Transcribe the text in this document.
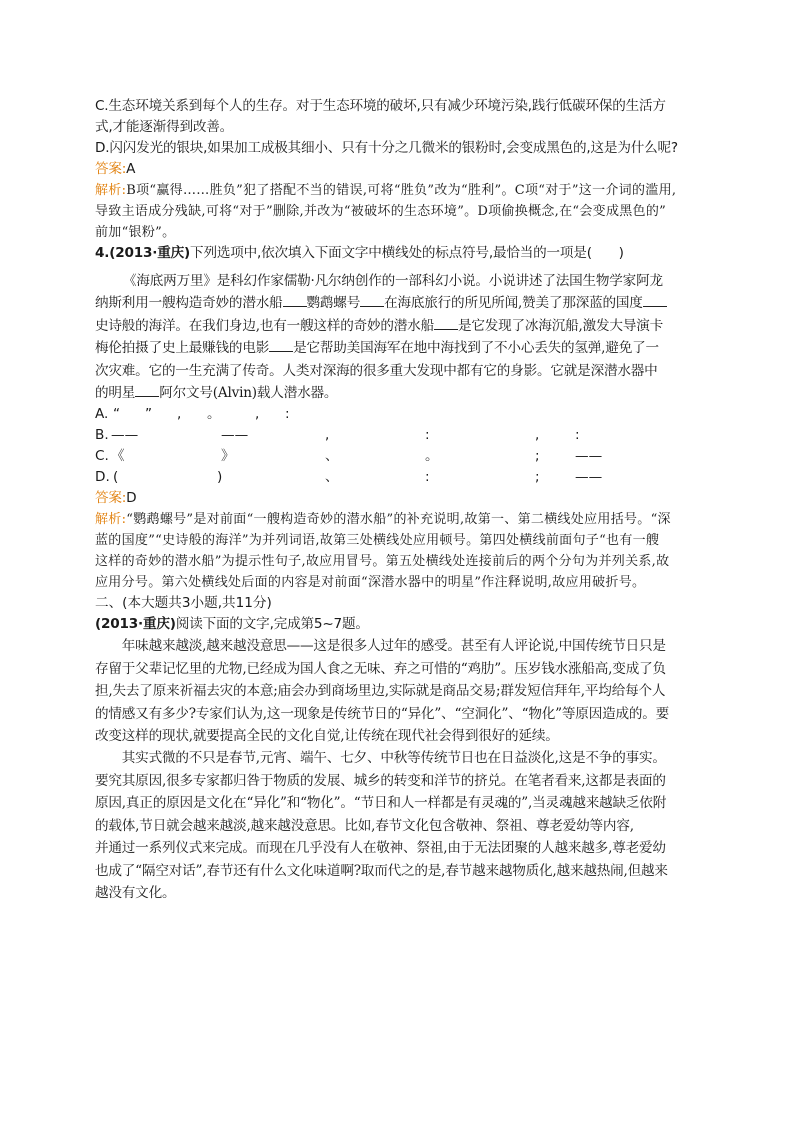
C.生态环境关系到每个人的生存。对于生态环境的破坏,只有减少环境污染,践行低碳环保的生活方
式,才能逐渐得到改善。
D.闪闪发光的银块,如果加工成极其细小、只有十分之几微米的银粉时,会变成黑色的,这是为什么呢?
答案:A
解析:B项“赢得……胜负”犯了搭配不当的错误,可将“胜负”改为“胜利”。C项“对于”这一介词的滥用,
导致主语成分残缺,可将“对于”删除,并改为“被破坏的生态环境”。D项偷换概念,在“会变成黑色的”
前加“银粉”。
4.(2013·重庆)下列选项中,依次填入下面文字中横线处的标点符号,最恰当的一项是(　　)
《海底两万里》是科幻作家儒勒·凡尔纳创作的一部科幻小说。小说讲述了法国生物学家阿龙
纳斯利用一艘构造奇妙的潜水船 鹦鹉螺号 在海底旅行的所见所闻,赞美了那深蓝的国度
史诗般的海洋。在我们身边,也有一艘这样的奇妙的潜水船 是它发现了冰海沉船,激发大导演卡
梅伦拍摄了史上最赚钱的电影 是它帮助美国海军在地中海找到了不小心丢失的氢弹,避免了一
次灾难。它的一生充满了传奇。人类对深海的很多重大发现中都有它的身影。它就是深潜水器中
的明星 阿尔文号(Alvin)载人潜水器。
A. “ ” , 。	, :
B. ——	——	,	:	,	:
C. 《	》	、	。	;	——
D. (	)	、	:	;	——
答案:D
解析:“鹦鹉螺号”是对前面“一艘构造奇妙的潜水船”的补充说明,故第一、第二横线处应用括号。“深
蓝的国度”“史诗般的海洋”为并列词语,故第三处横线处应用顿号。第四处横线前面句子“也有一艘
这样的奇妙的潜水船”为提示性句子,故应用冒号。第五处横线处连接前后的两个分句为并列关系,故
应用分号。第六处横线处后面的内容是对前面“深潜水器中的明星”作注释说明,故应用破折号。
二、(本大题共3小题,共11分)
(2013·重庆)阅读下面的文字,完成第5~7题。
　　年味越来越淡,越来越没意思——这是很多人过年的感受。甚至有人评论说,中国传统节日只是
存留于父辈记忆里的尤物,已经成为国人食之无味、弃之可惜的“鸡肋”。压岁钱水涨船高,变成了负
担,失去了原来祈福去灾的本意;庙会办到商场里边,实际就是商品交易;群发短信拜年,平均给每个人
的情感又有多少?专家们认为,这一现象是传统节日的“异化”、“空洞化”、“物化”等原因造成的。要
改变这样的现状,就要提高全民的文化自觉,让传统在现代社会得到很好的延续。
　　其实式微的不只是春节,元宵、端午、七夕、中秋等传统节日也在日益淡化,这是不争的事实。
要究其原因,很多专家都归咎于物质的发展、城乡的转变和洋节的挤兑。在笔者看来,这都是表面的
原因,真正的原因是文化在“异化”和“物化”。“节日和人一样都是有灵魂的”,当灵魂越来越缺乏依附
的载体,节日就会越来越淡,越来越没意思。比如,春节文化包含敬神、祭祖、尊老爱幼等内容,
并通过一系列仪式来完成。而现在几乎没有人在敬神、祭祖,由于无法团聚的人越来越多,尊老爱幼
也成了“隔空对话”,春节还有什么文化味道啊?取而代之的是,春节越来越物质化,越来越热闹,但越来
越没有文化。
